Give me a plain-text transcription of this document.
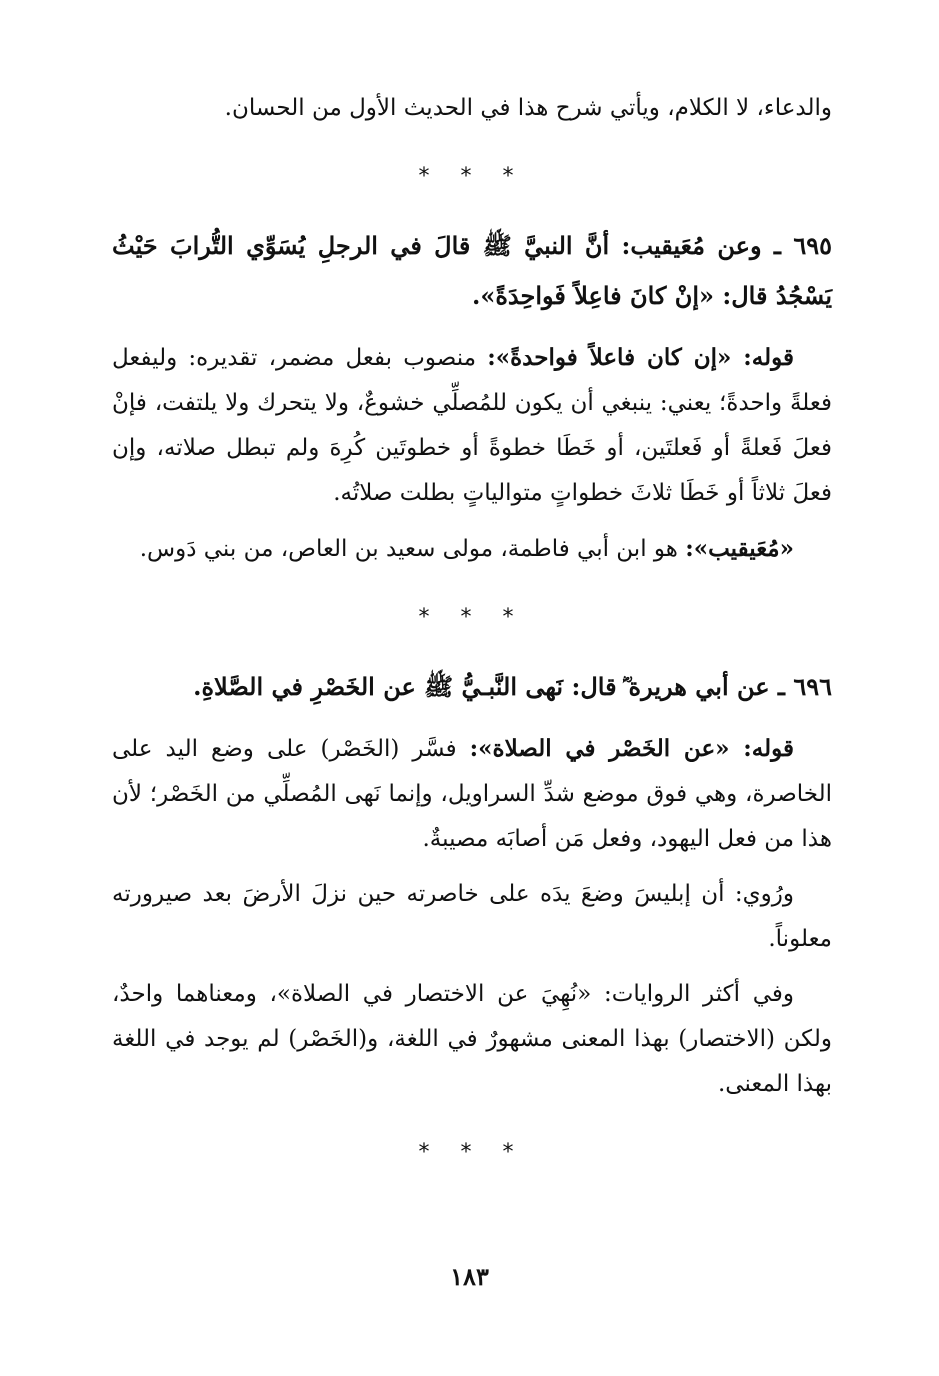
والدعاء، لا الكلام، ويأتي شرح هذا في الحديث الأول من الحسان.

* * *

٦٩٥ ـ وعن مُعَيقيب: أنَّ النبيَّ ﷺ قالَ في الرجلِ يُسَوِّي التُّرابَ حَيْثُ يَسْجُدُ قال: «إنْ كانَ فاعِلاً فَواحِدَةً».

قوله: «إن كان فاعلاً فواحدةً»: منصوب بفعل مضمر، تقديره: وليفعل فعلةً واحدةً؛ يعني: ينبغي أن يكون للمُصلِّي خشوعٌ، ولا يتحرك ولا يلتفت، فإنْ فعلَ فَعلةً أو فَعلتَين، أو خَطَا خطوةً أو خطوتَين كُرِهَ ولم تبطل صلاته، وإن فعلَ ثلاثاً أو خَطَا ثلاثَ خطواتٍ متوالياتٍ بطلت صلاتُه.

«مُعَيقيب»: هو ابن أبي فاطمة، مولى سعيد بن العاص، من بني دَوس.

* * *

٦٩٦ ـ عن أبي هريرة ؓ قال: نَهى النَّبـيُّ ﷺ عن الخَصْرِ في الصَّلاةِ.

قوله: «عن الخَصْر في الصلاة»: فسَّر (الخَصْر) على وضع اليد على الخاصرة، وهي فوق موضع شدِّ السراويل، وإنما نَهى المُصلِّي من الخَصْر؛ لأن هذا من فعل اليهود، وفعل مَن أصابَه مصيبةٌ.

ورُوي: أن إبليسَ وضعَ يدَه على خاصرته حين نزلَ الأرضَ بعد صيرورته معلوناً.

وفي أكثر الروايات: «نُهِيَ عن الاختصار في الصلاة»، ومعناهما واحدٌ، ولكن (الاختصار) بهذا المعنى مشهورٌ في اللغة، و(الخَصْر) لم يوجد في اللغة بهذا المعنى.

* * *
١٨٣
